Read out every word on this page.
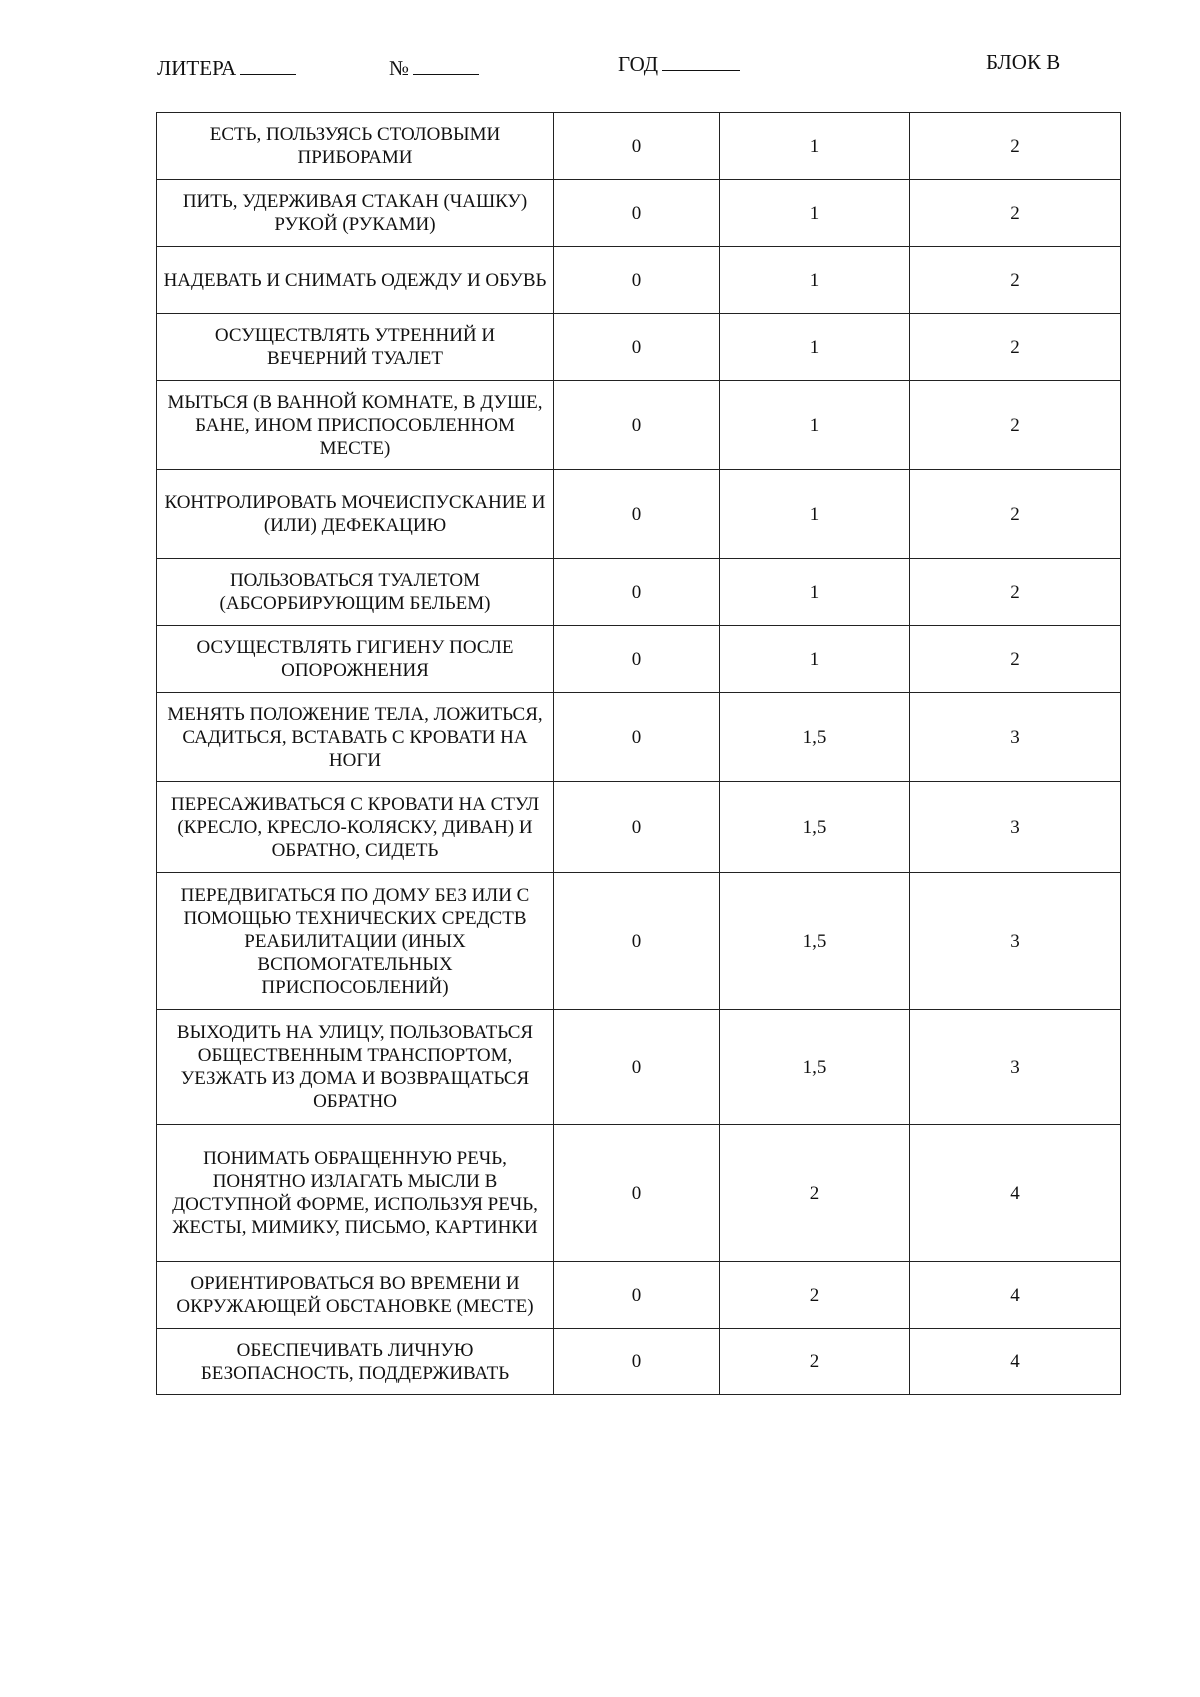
ЛИТЕРА	№	ГОД	БЛОК В
ЕСТЬ, ПОЛЬЗУЯСЬ СТОЛОВЫМИ ПРИБОРАМИ	0	1	2
ПИТЬ, УДЕРЖИВАЯ СТАКАН (ЧАШКУ) РУКОЙ (РУКАМИ)	0	1	2
НАДЕВАТЬ И СНИМАТЬ ОДЕЖДУ И ОБУВЬ	0	1	2
ОСУЩЕСТВЛЯТЬ УТРЕННИЙ И ВЕЧЕРНИЙ ТУАЛЕТ	0	1	2
МЫТЬСЯ (В ВАННОЙ КОМНАТЕ, В ДУШЕ, БАНЕ, ИНОМ ПРИСПОСОБЛЕННОМ МЕСТЕ)	0	1	2
КОНТРОЛИРОВАТЬ МОЧЕИСПУСКАНИЕ И (ИЛИ) ДЕФЕКАЦИЮ	0	1	2
ПОЛЬЗОВАТЬСЯ ТУАЛЕТОМ (АБСОРБИРУЮЩИМ БЕЛЬЕМ)	0	1	2
ОСУЩЕСТВЛЯТЬ ГИГИЕНУ ПОСЛЕ ОПОРОЖНЕНИЯ	0	1	2
МЕНЯТЬ ПОЛОЖЕНИЕ ТЕЛА, ЛОЖИТЬСЯ, САДИТЬСЯ, ВСТАВАТЬ С КРОВАТИ НА НОГИ	0	1,5	3
ПЕРЕСАЖИВАТЬСЯ С КРОВАТИ НА СТУЛ (КРЕСЛО, КРЕСЛО-КОЛЯСКУ, ДИВАН) И ОБРАТНО, СИДЕТЬ	0	1,5	3
ПЕРЕДВИГАТЬСЯ ПО ДОМУ БЕЗ ИЛИ С ПОМОЩЬЮ ТЕХНИЧЕСКИХ СРЕДСТВ РЕАБИЛИТАЦИИ (ИНЫХ ВСПОМОГАТЕЛЬНЫХ ПРИСПОСОБЛЕНИЙ)	0	1,5	3
ВЫХОДИТЬ НА УЛИЦУ, ПОЛЬЗОВАТЬСЯ ОБЩЕСТВЕННЫМ ТРАНСПОРТОМ, УЕЗЖАТЬ ИЗ ДОМА И ВОЗВРАЩАТЬСЯ ОБРАТНО	0	1,5	3
ПОНИМАТЬ ОБРАЩЕННУЮ РЕЧЬ, ПОНЯТНО ИЗЛАГАТЬ МЫСЛИ В ДОСТУПНОЙ ФОРМЕ, ИСПОЛЬЗУЯ РЕЧЬ, ЖЕСТЫ, МИМИКУ, ПИСЬМО, КАРТИНКИ	0	2	4
ОРИЕНТИРОВАТЬСЯ ВО ВРЕМЕНИ И ОКРУЖАЮЩЕЙ ОБСТАНОВКЕ (МЕСТЕ)	0	2	4
ОБЕСПЕЧИВАТЬ ЛИЧНУЮ БЕЗОПАСНОСТЬ, ПОДДЕРЖИВАТЬ	0	2	4
